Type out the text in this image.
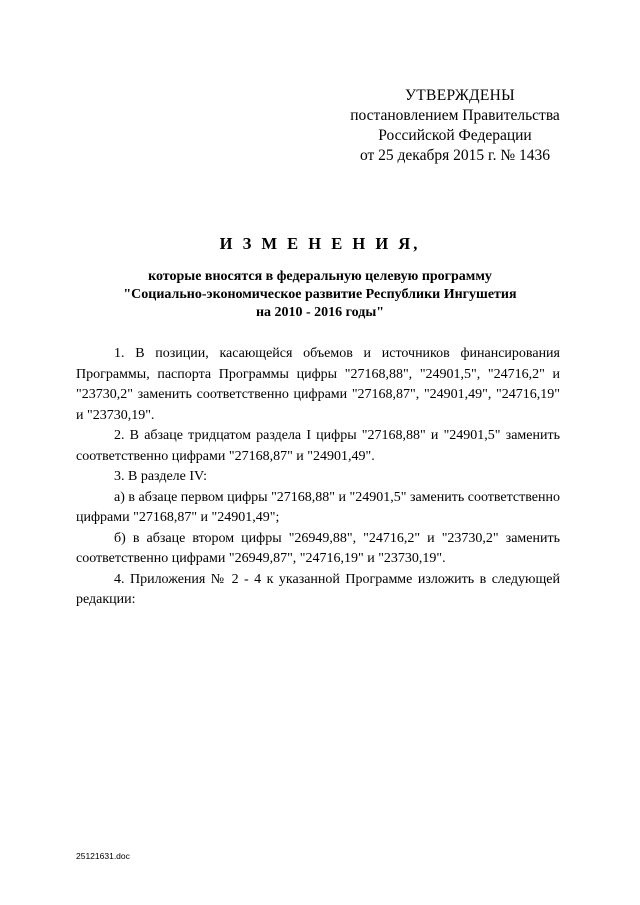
УТВЕРЖДЕНЫ
постановлением Правительства
Российской Федерации
от 25 декабря 2015 г. № 1436
И З М Е Н Е Н И Я,
которые вносятся в федеральную целевую программу
"Социально-экономическое развитие Республики Ингушетия
на 2010 - 2016 годы"

1. В позиции, касающейся объемов и источников финансирования Программы, паспорта Программы цифры "27168,88", "24901,5", "24716,2" и "23730,2" заменить соответственно цифрами "27168,87", "24901,49", "24716,19" и "23730,19".

2. В абзаце тридцатом раздела I цифры "27168,88" и "24901,5" заменить соответственно цифрами "27168,87" и "24901,49".

3. В разделе IV:

а) в абзаце первом цифры "27168,88" и "24901,5" заменить соответственно цифрами "27168,87" и "24901,49";

б) в абзаце втором цифры "26949,88", "24716,2" и "23730,2" заменить соответственно цифрами "26949,87", "24716,19" и "23730,19".

4. Приложения № 2 - 4 к указанной Программе изложить в следующей редакции:

25121631.doc
